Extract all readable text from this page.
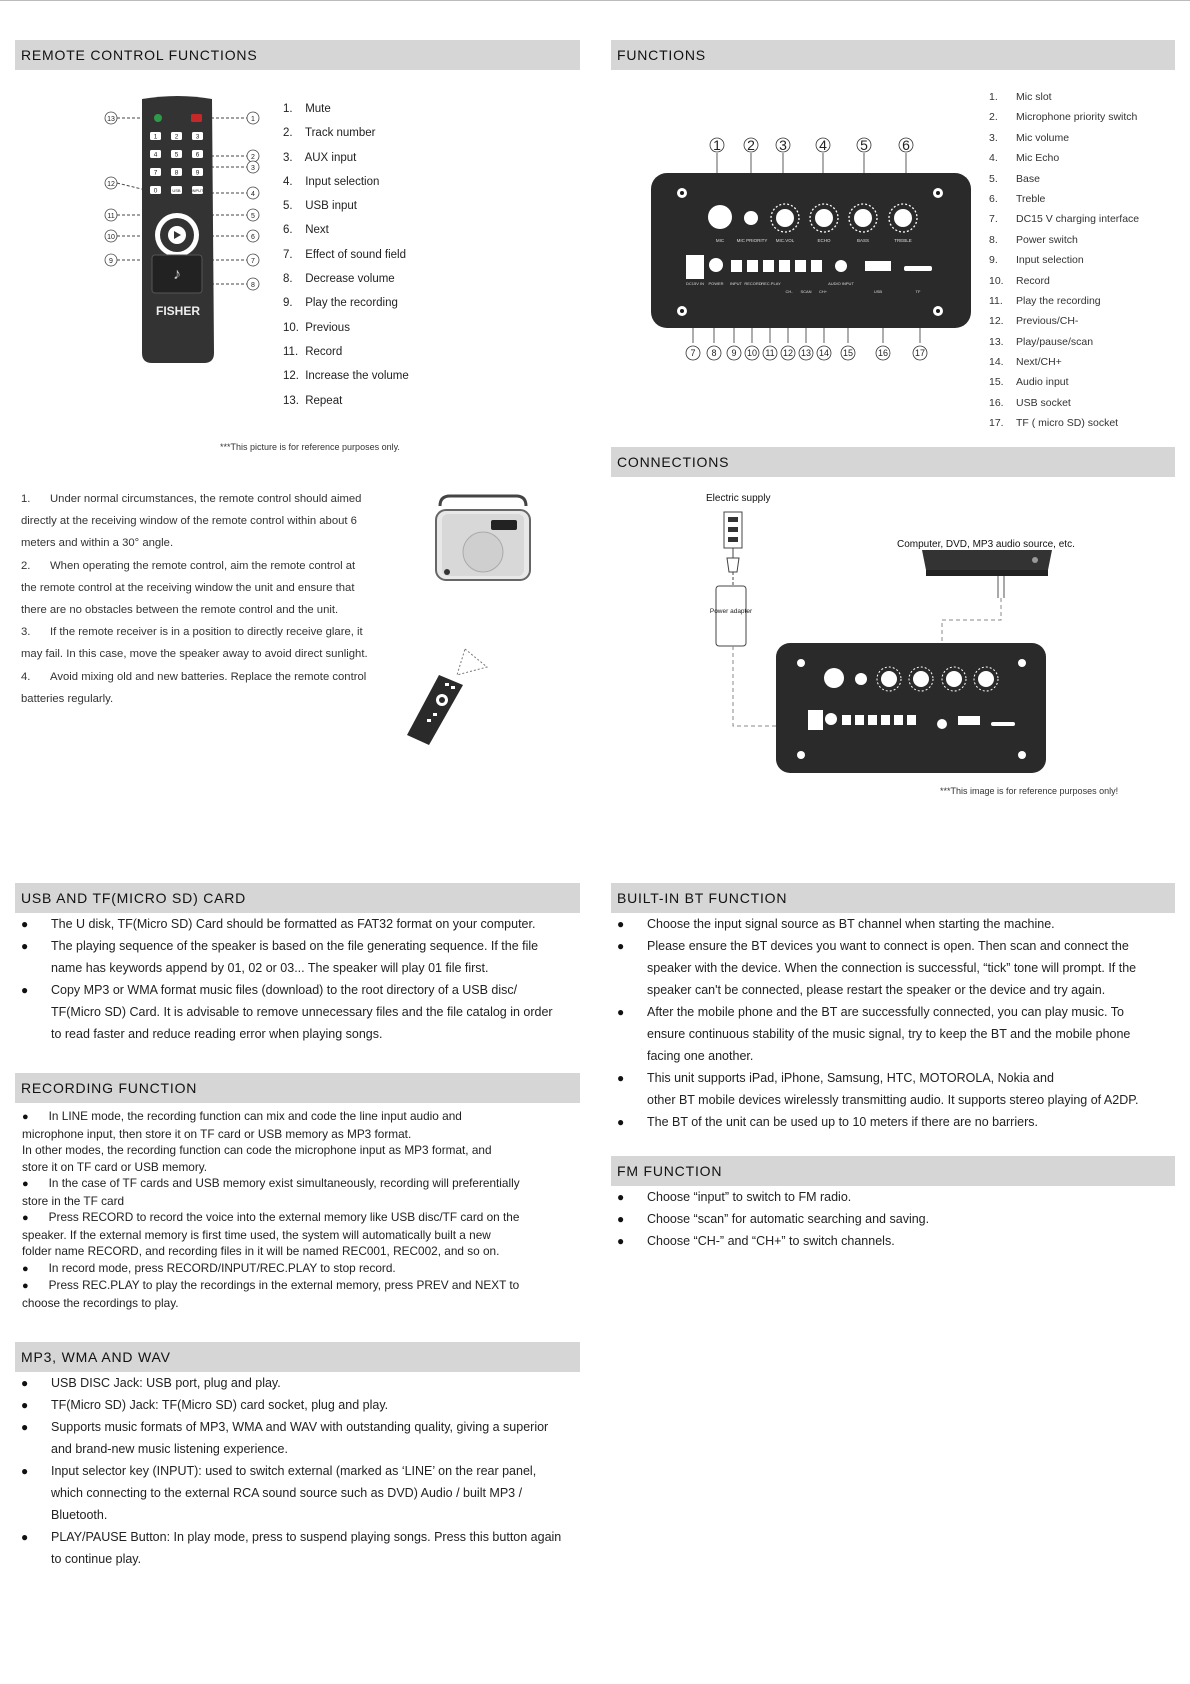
REMOTE CONTROL FUNCTIONS
13
12
11
10
9
1
2
3
4
5
6
7
8
1	2	3
4	5	6
7	8	9
0	USB	INPUT
♪
FISHER
1. Mute
2. Track number
3. AUX input
4. Input selection
5. USB input
6. Next
7. Effect of sound field
8. Decrease volume
9. Play the recording
10. Previous
11. Record
12. Increase the volume
13. Repeat
***This picture is for reference purposes only.
1. Under normal circumstances, the remote control should aimed
directly at the receiving window of the remote control within about 6
meters and within a 30° angle.
2. When operating the remote control, aim the remote control at
the remote control at the receiving window the unit and ensure that
there are no obstacles between the remote control and the unit.
3. If the remote receiver is in a position to directly receive glare, it
may fail. In this case, move the speaker away to avoid direct sunlight.
4. Avoid mixing old and new batteries. Replace the remote control
batteries regularly.
FUNCTIONS
1 2 3 4 5 6
MIC	MIC PRIORITY MIC.VOL	ECHO	BASS	TREBLE
DC15V IN POWER INPUT RECORD REC.PLAY
CH- SCAN CH+
AUDIO INPUT
USB	TF
7 8 9 10 11 12 13 14 15	16	17
1. Mic slot
2. Microphone priority switch
3. Mic volume
4. Mic Echo
5. Base
6. Treble
7. DC15 V charging interface
8. Power switch
9. Input selection
10. Record
11. Play the recording
12. Previous/CH-
13. Play/pause/scan
14. Next/CH+
15. Audio input
16. USB socket
17. TF ( micro SD) socket
CONNECTIONS
Electric supply
Computer, DVD, MP3 audio source, etc.
Power adapter
***This image is for reference purposes only!
USB AND TF(MICRO SD) CARD
● The U disk, TF(Micro SD) Card should be formatted as FAT32 format on your computer.
● The playing sequence of the speaker is based on the file generating sequence. If the file
name has keywords append by 01, 02 or 03... The speaker will play 01 file first.
● Copy MP3 or WMA format music files (download) to the root directory of a USB disc/
TF(Micro SD) Card. It is advisable to remove unnecessary files and the file catalog in order
to read faster and reduce reading error when playing songs.
RECORDING FUNCTION
● In LINE mode, the recording function can mix and code the line input audio and
microphone input, then store it on TF card or USB memory as MP3 format.
In other modes, the recording function can code the microphone input as MP3 format, and
store it on TF card or USB memory.
● In the case of TF cards and USB memory exist simultaneously, recording will preferentially
store in the TF card
● Press RECORD to record the voice into the external memory like USB disc/TF card on the
speaker. If the external memory is first time used, the system will automatically built a new
folder name RECORD, and recording files in it will be named REC001, REC002, and so on.
● In record mode, press RECORD/INPUT/REC.PLAY to stop record.
● Press REC.PLAY to play the recordings in the external memory, press PREV and NEXT to
choose the recordings to play.
MP3, WMA AND WAV
● USB DISC Jack: USB port, plug and play.
● TF(Micro SD) Jack: TF(Micro SD) card socket, plug and play.
● Supports music formats of MP3, WMA and WAV with outstanding quality, giving a superior
and brand-new music listening experience.
● Input selector key (INPUT): used to switch external (marked as ‘LINE’ on the rear panel,
which connecting to the external RCA sound source such as DVD) Audio / built MP3 /
Bluetooth.
● PLAY/PAUSE Button: In play mode, press to suspend playing songs. Press this button again
to continue play.
BUILT-IN BT FUNCTION
● Choose the input signal source as BT channel when starting the machine.
● Please ensure the BT devices you want to connect is open. Then scan and connect the
speaker with the device. When the connection is successful, “tick” tone will prompt. If the
speaker can't be connected, please restart the speaker or the device and try again.
● After the mobile phone and the BT are successfully connected, you can play music. To
ensure continuous stability of the music signal, try to keep the BT and the mobile phone
facing one another.
● This unit supports iPad, iPhone, Samsung, HTC, MOTOROLA, Nokia and
other BT mobile devices wirelessly transmitting audio. It supports stereo playing of A2DP.
● The BT of the unit can be used up to 10 meters if there are no barriers.
FM FUNCTION
● Choose “input” to switch to FM radio.
● Choose “scan” for automatic searching and saving.
● Choose “CH-” and “CH+” to switch channels.
